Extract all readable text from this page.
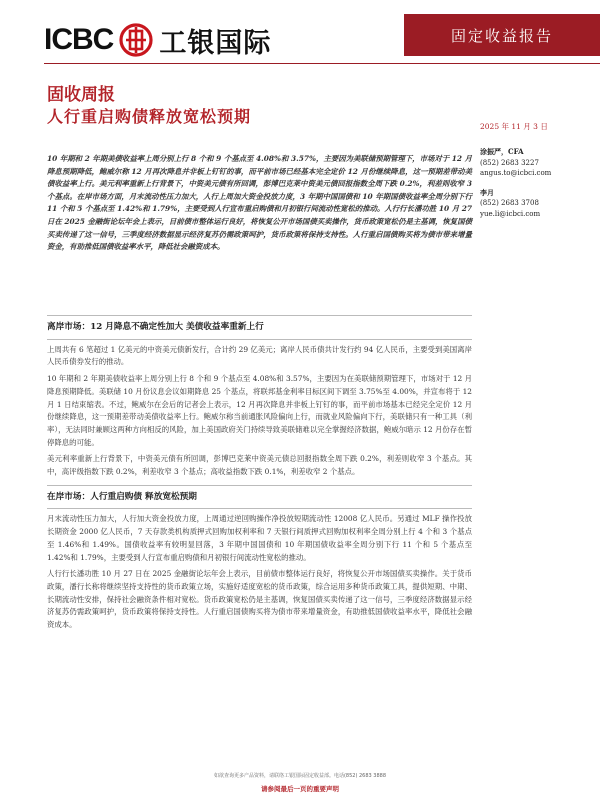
ICBC 工银国际	固定收益报告
固收周报
人行重启购债释放宽松预期
2025 年 11 月 3 日
涂振严，CFA
(852) 2683 3227
angus.to@icbci.com
李月
(852) 2683 3708
yue.li@icbci.com

10 年期和 2 年期美债收益率上周分别上行 8 个和 9 个基点至 4.08%和 3.57%，主要因为美联储预期管理下，市场对于 12 月降息预期降低，鲍威尔称 12 月再次降息并非板上钉钉的事，而平前市场已经基本完全定价 12 月份继续降息，这一预期差带动美债收益率上行。美元利率重新上行背景下，中资美元债有所回调，彭博巴克莱中资美元债回报指数全周下跌 0.2%，利差则收窄 3 个基点。在岸市场方面，月末流动性压力加大，人行上周加大资金投放力度，3 年期中国国债和 10 年期国债收益率全周分别下行 11 个和 5 个基点至 1.42%和 1.79%，主要受到人行宣布重启购债和月初银行间流动性宽松的推动。人行行长潘功胜 10 月 27 日在 2025 金融街论坛年会上表示，目前债市整体运行良好，将恢复公开市场国债买卖操作，货币政策宽松仍是主基调，恢复国债买卖传递了这一信号，三季度经济数据显示经济复苏仍需政策呵护，货币政策将保持支持性。人行重启国债购买将为债市带来增量资金，有助推低国债收益率水平，降低社会融资成本。

离岸市场：12 月降息不确定性加大 美债收益率重新上行

上周共有 6 笔超过 1 亿美元的中资美元债新发行，合计约 29 亿美元；离岸人民币债共计发行约 94 亿人民币，主要受到美国离岸人民币债券发行的推动。

10 年期和 2 年期美债收益率上周分别上行 8 个和 9 个基点至 4.08%和 3.57%，主要因为在美联储预期管理下，市场对于 12 月降息预期降低。美联储 10 月份议息会议如期降息 25 个基点，将联邦基金利率目标区间下调至 3.75%至 4.00%，并宣布将于 12 月 1 日结束缩表。不过，鲍威尔在会后的记者会上表示，12 月再次降息并非板上钉钉的事，而平前市场基本已经完全定价 12 月份继续降息，这一预期差带动美债收益率上行。鲍威尔称当前通胀风险偏向上行，而就业风险偏向下行，美联储只有一种工具（利率），无法同时兼顾这两种方向相反的风险，加上美国政府关门持续导致美联储难以完全掌握经济数据，鲍威尔暗示 12 月份存在暂停降息的可能。

美元利率重新上行背景下，中资美元债有所回调，彭博巴克莱中资美元债总回报指数全周下跌 0.2%，利差则收窄 3 个基点。其中，高评级指数下跌 0.2%，利差收窄 3 个基点；高收益指数下跌 0.1%，利差收窄 2 个基点。

在岸市场：人行重启购债 释放宽松预期

月末流动性压力加大，人行加大资金投放力度，上周通过逆回购操作净投放短期流动性 12008 亿人民币。另通过 MLF 操作投放长期资金 2000 亿人民币，7 天存款类机构质押式回购加权利率和 7 天银行间质押式回购加权利率全周分别上行 4 个和 3 个基点至 1.46%和 1.49%。国债收益率有较明显回落，3 年期中国国债和 10 年期国债收益率全周分别下行 11 个和 5 个基点至 1.42%和 1.79%，主要受到人行宣布重启购债和月初银行间流动性宽松的推动。

人行行长潘功胜 10 月 27 日在 2025 金融街论坛年会上表示，目前债市整体运行良好，将恢复公开市场国债买卖操作。关于货币政策，潘行长称将继续坚持支持性的货币政策立场，实施好适度宽松的货币政策，综合运用多种货币政策工具，提供短期、中期、长期流动性安排，保持社会融资条件相对宽松。货币政策宽松仍是主基调，恢复国债买卖传递了这一信号，三季度经济数据显示经济复苏仍需政策呵护，货币政策将保持支持性。人行重启国债购买将为债市带来增量资金，有助推低国债收益率水平，降低社会融资成本。

如欲查询更多产品资料，请联络工银国际固定收益部。电话(852) 2683 3888
请参阅最后一页的重要声明
